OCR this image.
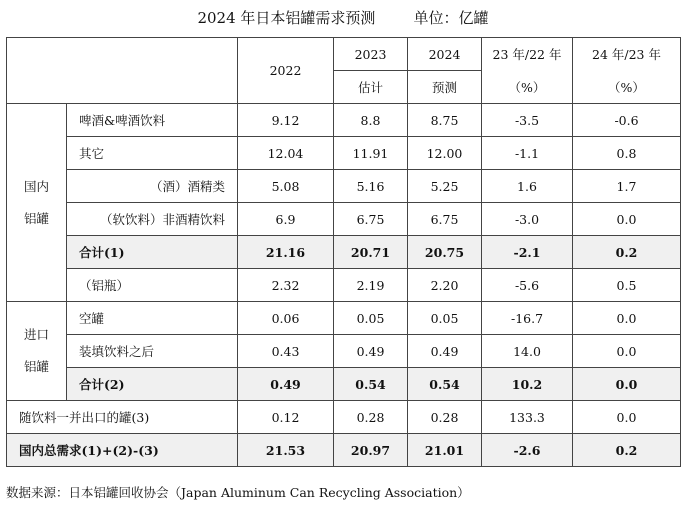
2024 年日本铝罐需求预测        单位：亿罐
		2022	2023	2024	23 年/22 年	24 年/23 年
			估计	预测	（%）	（%）

国内
铝罐	啤酒&啤酒饮料	9.12	8.8	8.75	-3.5	-0.6
	其它	12.04	11.91	12.00	-1.1	0.8
	（酒）酒精类	5.08	5.16	5.25	1.6	1.7
	（软饮料）非酒精饮料	6.9	6.75	6.75	-3.0	0.0
	合计(1)	21.16	20.71	20.75	-2.1	0.2
	（铝瓶）	2.32	2.19	2.20	-5.6	0.5

进口
铝罐	空罐	0.06	0.05	0.05	-16.7	0.0
	装填饮料之后	0.43	0.49	0.49	14.0	0.0
	合计(2)	0.49	0.54	0.54	10.2	0.0
随饮料一并出口的罐(3)		0.12	0.28	0.28	133.3	0.0
国内总需求(1)+(2)-(3)		21.53	20.97	21.01	-2.6	0.2
数据来源：日本铝罐回收协会（Japan Aluminum Can Recycling Association）
